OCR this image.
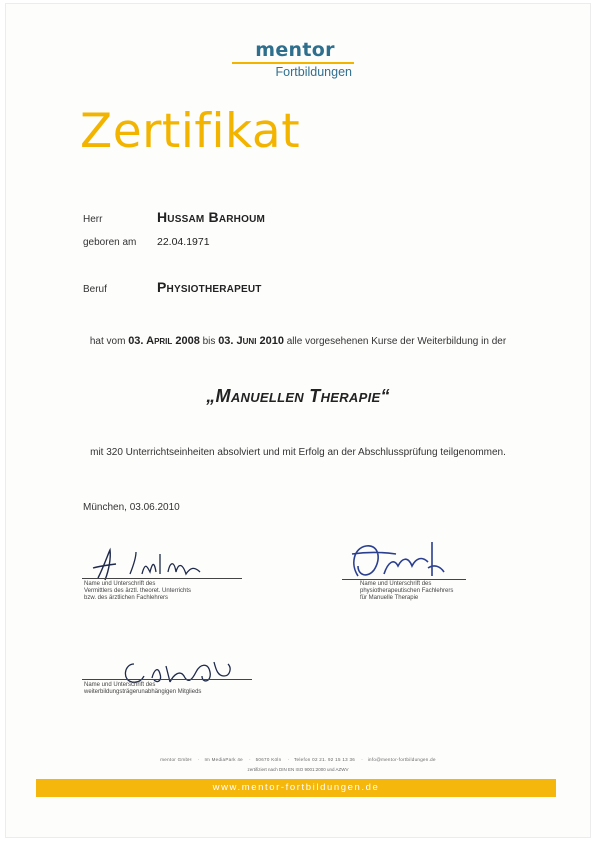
mentor
Fortbildungen
Zertifikat
Herr	Hussam Barhoum
geboren am 22.04.1971
Beruf	Physiotherapeut
hat vom 03. April 2008 bis 03. Juni 2010 alle vorgesehenen Kurse der Weiterbildung in der
„Manuellen Therapie“
mit 320 Unterrichtseinheiten absolviert und mit Erfolg an der Abschlussprüfung teilgenommen.
München, 03.06.2010
Name und Unterschrift des
Vermittlers des ärztl. theoret. Unterrichts
bzw. des ärztlichen Fachlehrers
Name und Unterschrift des
physiotherapeutischen Fachlehrers
für Manuelle Therapie
Name und Unterschrift des
weiterbildungsträgerunabhängigen Mitglieds
mentor GmbH    ·   Im MediaPark 4e    ·   50670 Köln    ·   Telefon 02 21. 92 15 13 36    ·   info@mentor-fortbildungen.de
zertifiziert nach DIN EN ISO 9001:2000 und AZWV
www.mentor-fortbildungen.de
